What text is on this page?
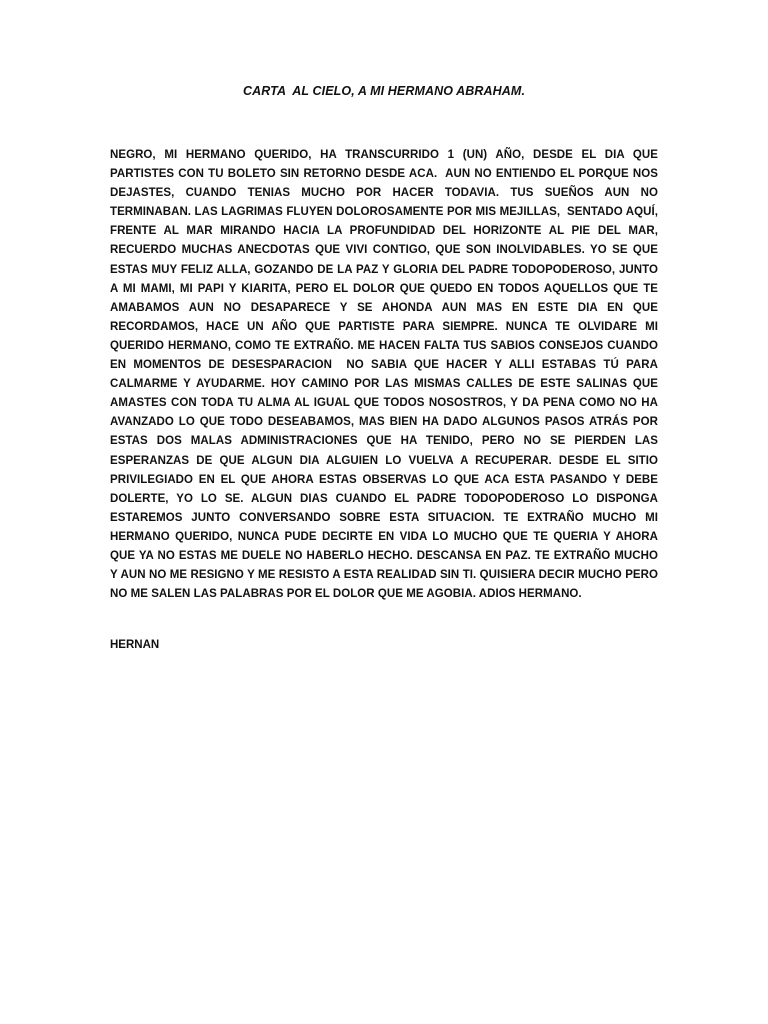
CARTA  AL CIELO, A MI HERMANO ABRAHAM.
NEGRO, MI HERMANO QUERIDO, HA TRANSCURRIDO 1 (UN) AÑO, DESDE EL DIA QUE PARTISTES CON TU BOLETO SIN RETORNO DESDE ACA.  AUN NO ENTIENDO EL PORQUE NOS DEJASTES, CUANDO TENIAS MUCHO POR HACER TODAVIA. TUS SUEÑOS AUN NO TERMINABAN. LAS LAGRIMAS FLUYEN DOLOROSAMENTE POR MIS MEJILLAS,  SENTADO AQUÍ, FRENTE AL MAR MIRANDO HACIA LA PROFUNDIDAD DEL HORIZONTE AL PIE DEL MAR, RECUERDO MUCHAS ANECDOTAS QUE VIVI CONTIGO, QUE SON INOLVIDABLES. YO SE QUE ESTAS MUY FELIZ ALLA, GOZANDO DE LA PAZ Y GLORIA DEL PADRE TODOPODEROSO, JUNTO A MI MAMI, MI PAPI Y KIARITA, PERO EL DOLOR QUE QUEDO EN TODOS AQUELLOS QUE TE AMABAMOS AUN NO DESAPARECE Y SE AHONDA AUN MAS EN ESTE DIA EN QUE RECORDAMOS, HACE UN AÑO QUE PARTISTE PARA SIEMPRE. NUNCA TE OLVIDARE MI QUERIDO HERMANO, COMO TE EXTRAÑO. ME HACEN FALTA TUS SABIOS CONSEJOS CUANDO EN MOMENTOS DE DESESPARACION  NO SABIA QUE HACER Y ALLI ESTABAS TÚ PARA CALMARME Y AYUDARME. HOY CAMINO POR LAS MISMAS CALLES DE ESTE SALINAS QUE AMASTES CON TODA TU ALMA AL IGUAL QUE TODOS NOSOSTROS, Y DA PENA COMO NO HA AVANZADO LO QUE TODO DESEABAMOS, MAS BIEN HA DADO ALGUNOS PASOS ATRÁS POR ESTAS DOS MALAS ADMINISTRACIONES QUE HA TENIDO, PERO NO SE PIERDEN LAS ESPERANZAS DE QUE ALGUN DIA ALGUIEN LO VUELVA A RECUPERAR. DESDE EL SITIO PRIVILEGIADO EN EL QUE AHORA ESTAS OBSERVAS LO QUE ACA ESTA PASANDO Y DEBE DOLERTE, YO LO SE. ALGUN DIAS CUANDO EL PADRE TODOPODEROSO LO DISPONGA ESTAREMOS JUNTO CONVERSANDO SOBRE ESTA SITUACION. TE EXTRAÑO MUCHO MI HERMANO QUERIDO, NUNCA PUDE DECIRTE EN VIDA LO MUCHO QUE TE QUERIA Y AHORA QUE YA NO ESTAS ME DUELE NO HABERLO HECHO. DESCANSA EN PAZ. TE EXTRAÑO MUCHO Y AUN NO ME RESIGNO Y ME RESISTO A ESTA REALIDAD SIN TI. QUISIERA DECIR MUCHO PERO NO ME SALEN LAS PALABRAS POR EL DOLOR QUE ME AGOBIA. ADIOS HERMANO.
HERNAN
